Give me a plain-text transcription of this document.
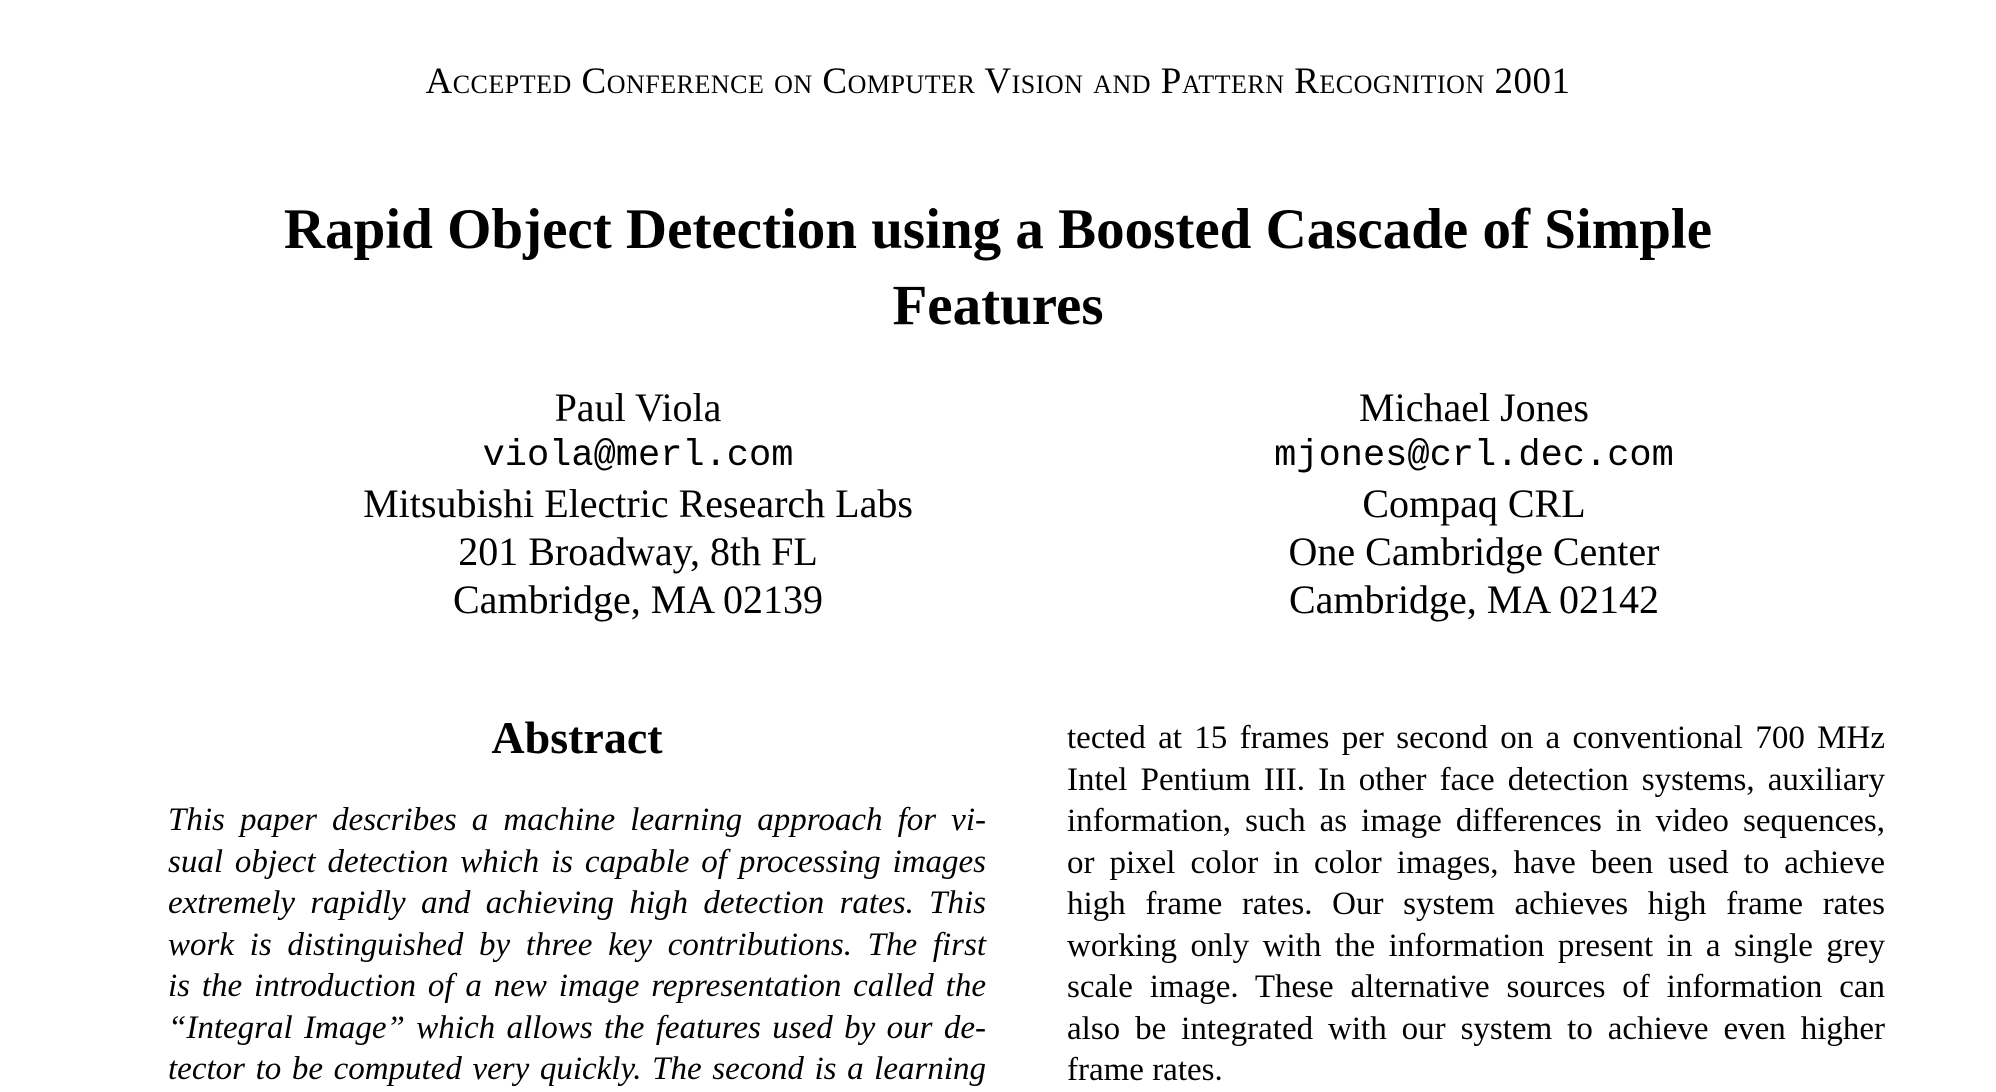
Accepted Conference on Computer Vision and Pattern Recognition 2001
Rapid Object Detection using a Boosted Cascade of Simple
Features
Paul Viola
viola@merl.com
Mitsubishi Electric Research Labs
201 Broadway, 8th FL
Cambridge, MA 02139
Michael Jones
mjones@crl.dec.com
Compaq CRL
One Cambridge Center
Cambridge, MA 02142
Abstract

This paper describes a machine learning approach for vi-
sual object detection which is capable of processing images
extremely rapidly and achieving high detection rates. This
work is distinguished by three key contributions. The first
is the introduction of a new image representation called the
“Integral Image” which allows the features used by our de-
tector to be computed very quickly. The second is a learning

tected at 15 frames per second on a conventional 700 MHz
Intel Pentium III. In other face detection systems, auxiliary
information, such as image differences in video sequences,
or pixel color in color images, have been used to achieve
high frame rates. Our system achieves high frame rates
working only with the information present in a single grey
scale image. These alternative sources of information can
also be integrated with our system to achieve even higher
frame rates.
